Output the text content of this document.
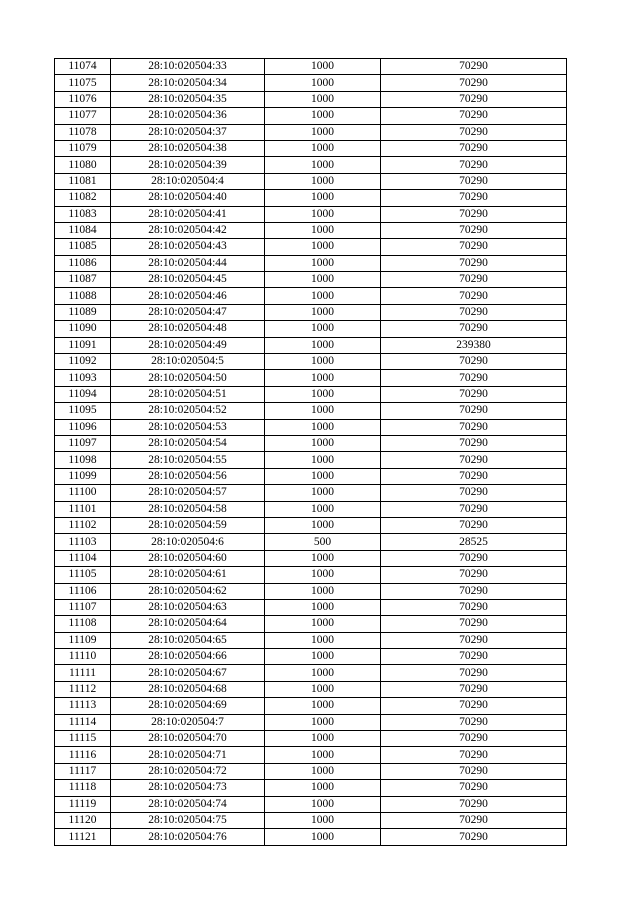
11074	28:10:020504:33	1000	70290
11075	28:10:020504:34	1000	70290
11076	28:10:020504:35	1000	70290
11077	28:10:020504:36	1000	70290
11078	28:10:020504:37	1000	70290
11079	28:10:020504:38	1000	70290
11080	28:10:020504:39	1000	70290
11081	28:10:020504:4	1000	70290
11082	28:10:020504:40	1000	70290
11083	28:10:020504:41	1000	70290
11084	28:10:020504:42	1000	70290
11085	28:10:020504:43	1000	70290
11086	28:10:020504:44	1000	70290
11087	28:10:020504:45	1000	70290
11088	28:10:020504:46	1000	70290
11089	28:10:020504:47	1000	70290
11090	28:10:020504:48	1000	70290
11091	28:10:020504:49	1000	239380
11092	28:10:020504:5	1000	70290
11093	28:10:020504:50	1000	70290
11094	28:10:020504:51	1000	70290
11095	28:10:020504:52	1000	70290
11096	28:10:020504:53	1000	70290
11097	28:10:020504:54	1000	70290
11098	28:10:020504:55	1000	70290
11099	28:10:020504:56	1000	70290
11100	28:10:020504:57	1000	70290
11101	28:10:020504:58	1000	70290
11102	28:10:020504:59	1000	70290
11103	28:10:020504:6	500	28525
11104	28:10:020504:60	1000	70290
11105	28:10:020504:61	1000	70290
11106	28:10:020504:62	1000	70290
11107	28:10:020504:63	1000	70290
11108	28:10:020504:64	1000	70290
11109	28:10:020504:65	1000	70290
11110	28:10:020504:66	1000	70290
11111	28:10:020504:67	1000	70290
11112	28:10:020504:68	1000	70290
11113	28:10:020504:69	1000	70290
11114	28:10:020504:7	1000	70290
11115	28:10:020504:70	1000	70290
11116	28:10:020504:71	1000	70290
11117	28:10:020504:72	1000	70290
11118	28:10:020504:73	1000	70290
11119	28:10:020504:74	1000	70290
11120	28:10:020504:75	1000	70290
11121	28:10:020504:76	1000	70290
